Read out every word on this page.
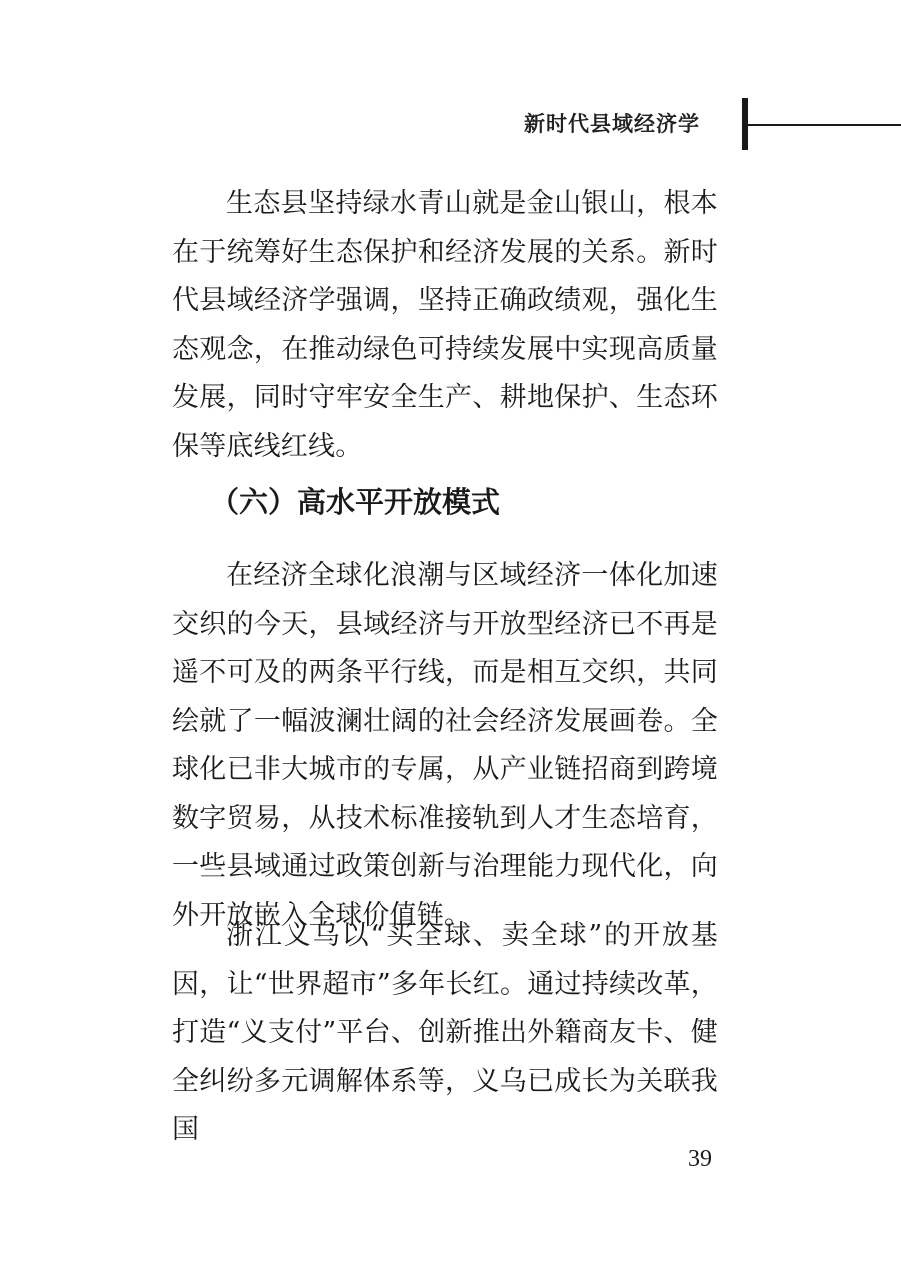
新时代县域经济学

生态县坚持绿水青山就是金山银山，根本在于统筹好生态保护和经济发展的关系。新时代县域经济学强调，坚持正确政绩观，强化生态观念，在推动绿色可持续发展中实现高质量发展，同时守牢安全生产、耕地保护、生态环保等底线红线。

（六）高水平开放模式

在经济全球化浪潮与区域经济一体化加速交织的今天，县域经济与开放型经济已不再是遥不可及的两条平行线，而是相互交织，共同绘就了一幅波澜壮阔的社会经济发展画卷。全球化已非大城市的专属，从产业链招商到跨境数字贸易，从技术标准接轨到人才生态培育，一些县域通过政策创新与治理能力现代化，向外开放嵌入全球价值链。

浙江义乌以“买全球、卖全球”的开放基因，让“世界超市”多年长红。通过持续改革，打造“义支付”平台、创新推出外籍商友卡、健全纠纷多元调解体系等，义乌已成长为关联我国

39
